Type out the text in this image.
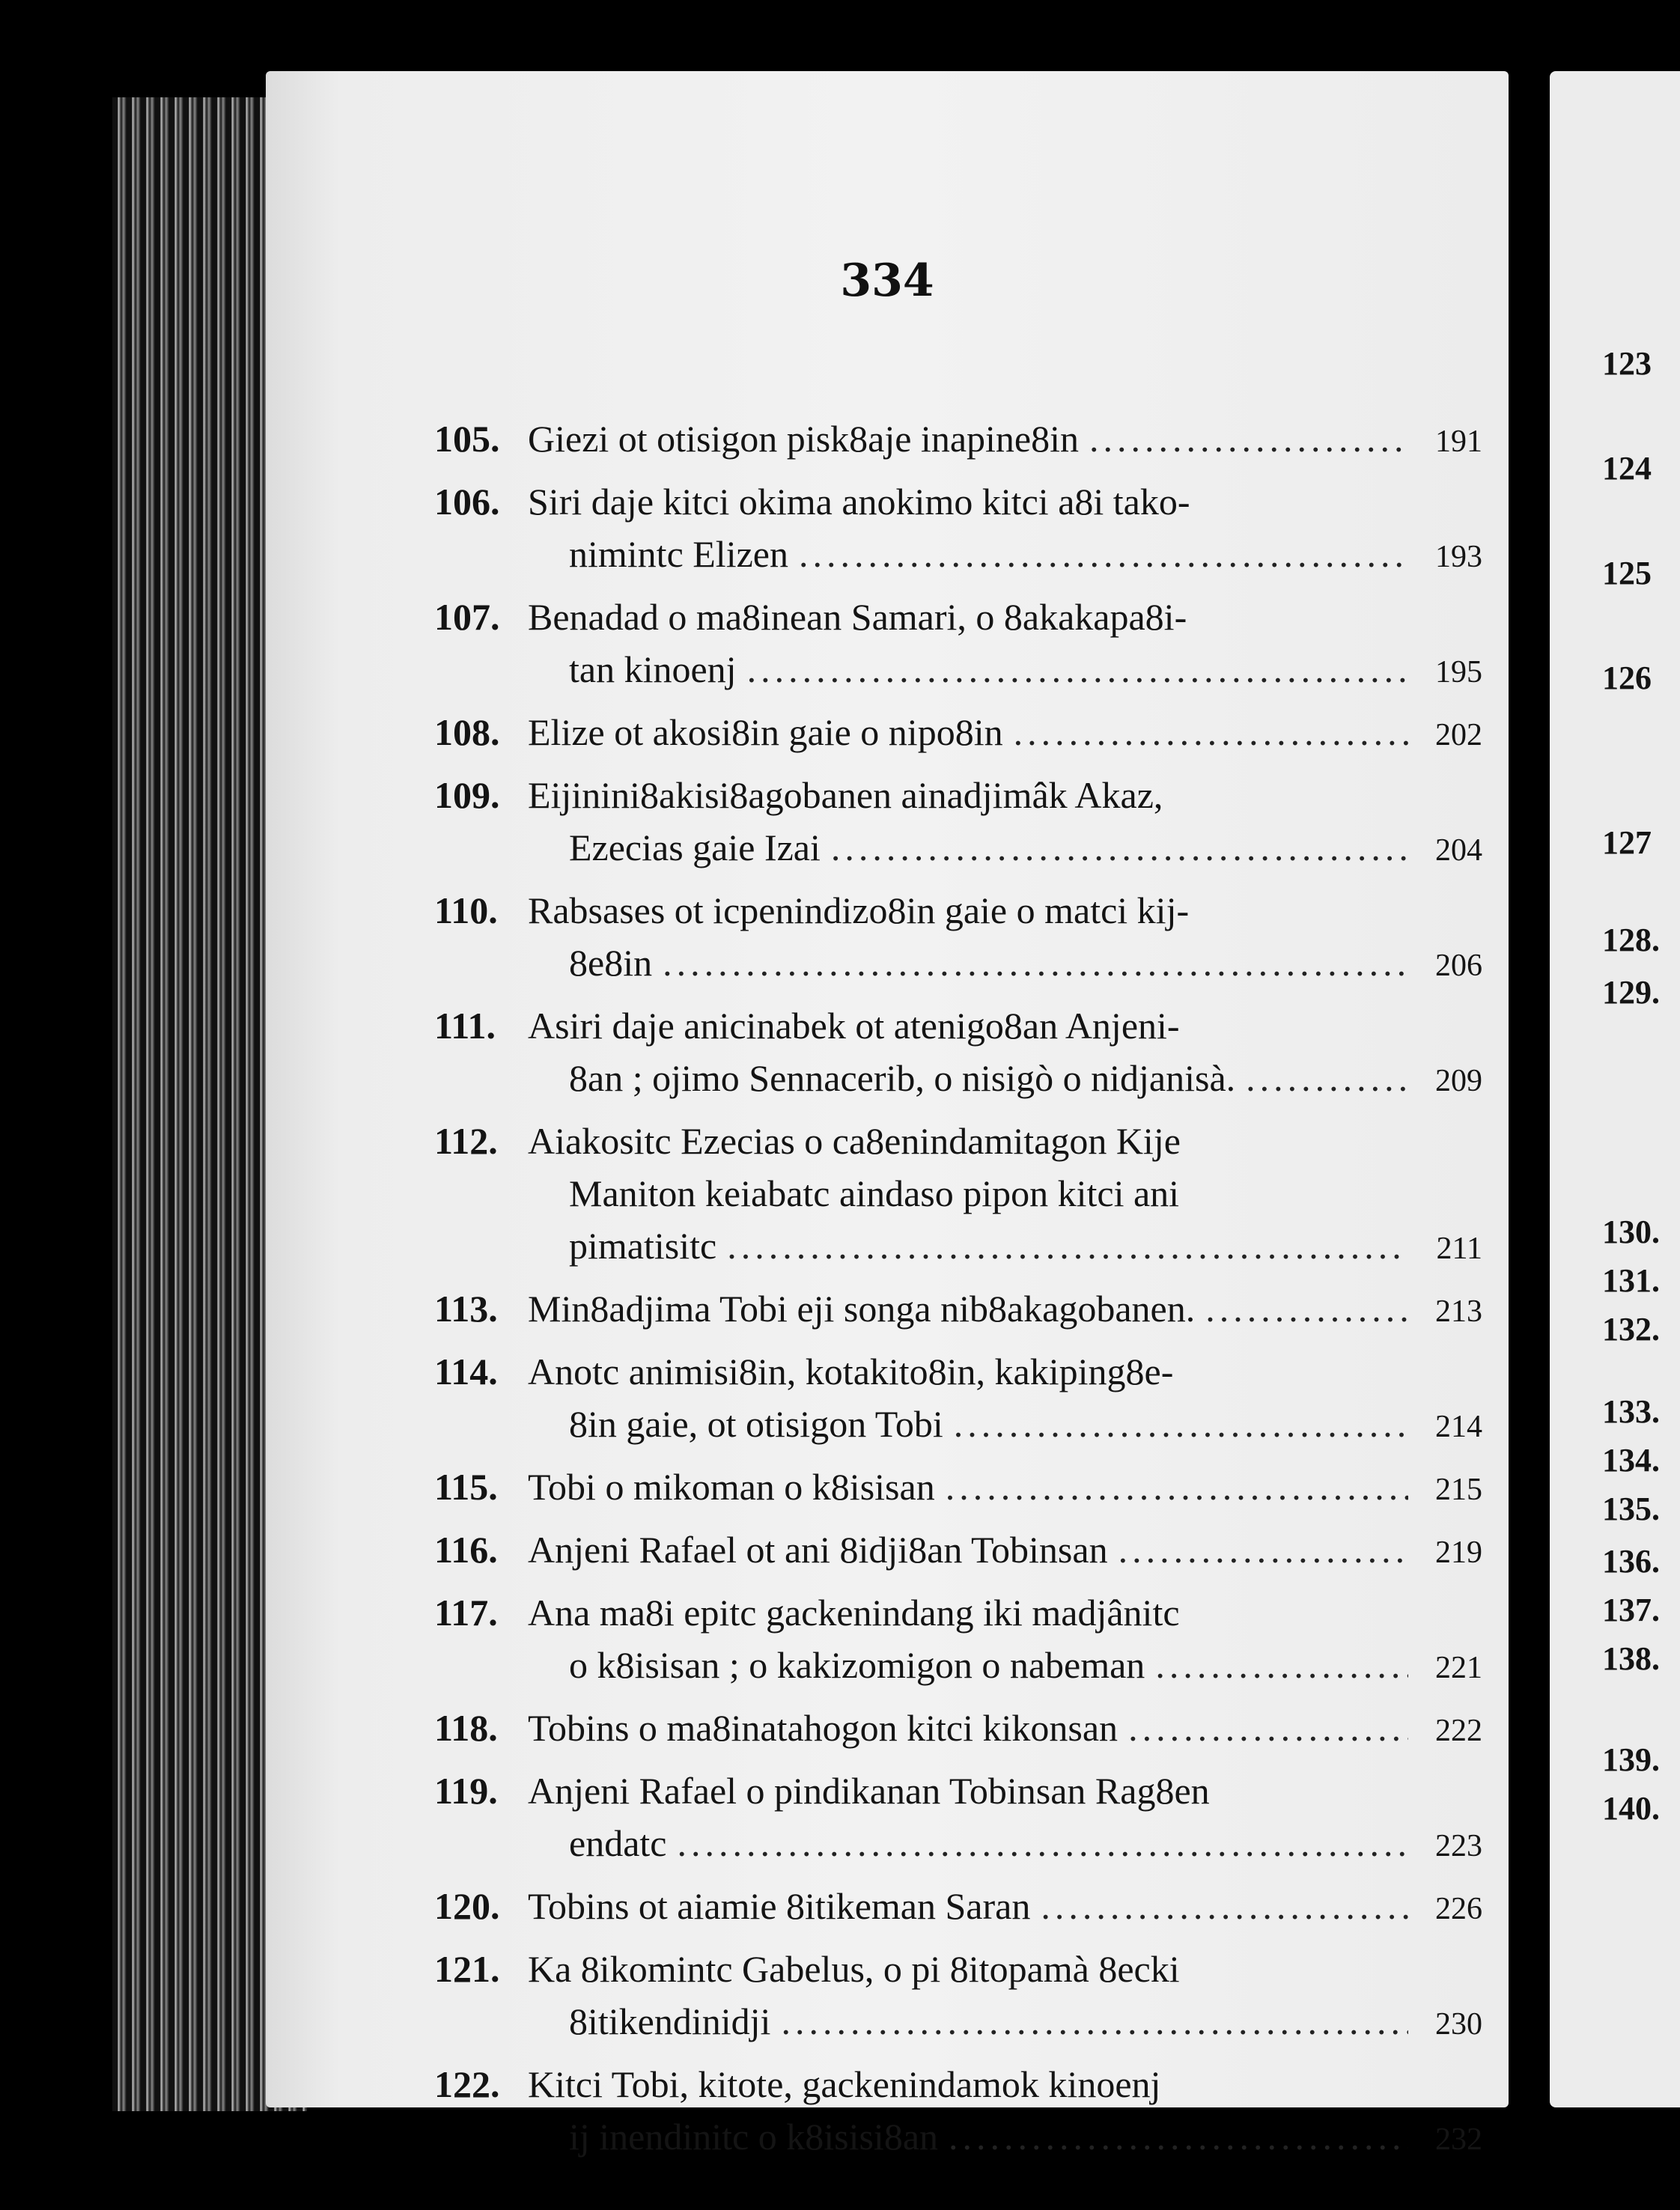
334
105. Giezi ot otisigon pisk8aje inapine8in .....	191
106. Siri daje kitci okima anokimo kitci a8i tako-
nimintc Elizen .....	193
107. Benadad o ma8inean Samari, o 8akakapa8i-
tan kinoenj .....	195
108. Elize ot akosi8in gaie o nipo8in .....	202
109. Eijinini8akisi8agobanen ainadjimâk Akaz,
Ezecias gaie Izai .....	204
110. Rabsases ot icpenindizo8in gaie o matci kij-
8e8in .....	206
111. Asiri daje anicinabek ot atenigo8an Anjeni-
8an ; ojimo Sennacerib, o nisigò o nidjanisà. .....	209
112. Aiakositc Ezecias o ca8enindamitagon Kije
Maniton keiabatc aindaso pipon kitci ani
pimatisitc .....	211
113. Min8adjima Tobi eji songa nib8akagobanen. .....	213
114. Anotc animisi8in, kotakito8in, kakiping8e-
8in gaie, ot otisigon Tobi .....	214
115. Tobi o mikoman o k8isisan .....	215
116. Anjeni Rafael ot ani 8idji8an Tobinsan .....	219
117. Ana ma8i epitc gackenindang iki madjânitc
o k8isisan ; o kakizomigon o nabeman .....	221
118. Tobins o ma8inatahogon kitci kikonsan .....	222
119. Anjeni Rafael o pindikanan Tobinsan Rag8en
endatc .....	223
120. Tobins ot aiamie 8itikeman Saran .....	226
121. Ka 8ikomintc Gabelus, o pi 8itopamà 8ecki
8itikendinidji .....	230
122. Kitci Tobi, kitote, gackenindamok kinoenj
ij inendinitc o k8isisi8an .....	232
123
124
125
126
127
128.
129.
130.
131.
132.
133.
134.
135.
136.
137.
138.
139.
140.
